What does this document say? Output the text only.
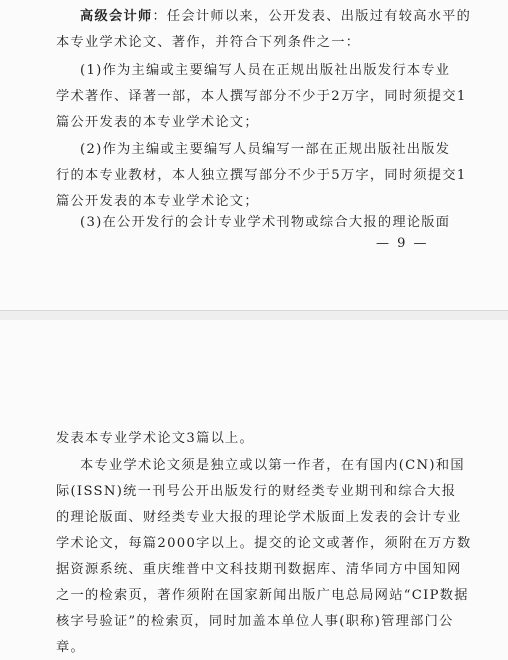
高级会计师：任会计师以来，公开发表、出版过有较高水平的
本专业学术论文、著作，并符合下列条件之一：
(1)作为主编或主要编写人员在正规出版社出版发行本专业
学术著作、译著一部，本人撰写部分不少于2万字，同时须提交1
篇公开发表的本专业学术论文；
(2)作为主编或主要编写人员编写一部在正规出版社出版发
行的本专业教材，本人独立撰写部分不少于5万字，同时须提交1
篇公开发表的本专业学术论文；
(3)在公开发行的会计专业学术刊物或综合大报的理论版面
— 9 —
发表本专业学术论文3篇以上。
本专业学术论文须是独立或以第一作者，在有国内(CN)和国
际(ISSN)统一刊号公开出版发行的财经类专业期刊和综合大报
的理论版面、财经类专业大报的理论学术版面上发表的会计专业
学术论文，每篇2000字以上。提交的论文或著作，须附在万方数
据资源系统、重庆维普中文科技期刊数据库、清华同方中国知网
之一的检索页，著作须附在国家新闻出版广电总局网站“CIP数据
核字号验证”的检索页，同时加盖本单位人事(职称)管理部门公
章。
